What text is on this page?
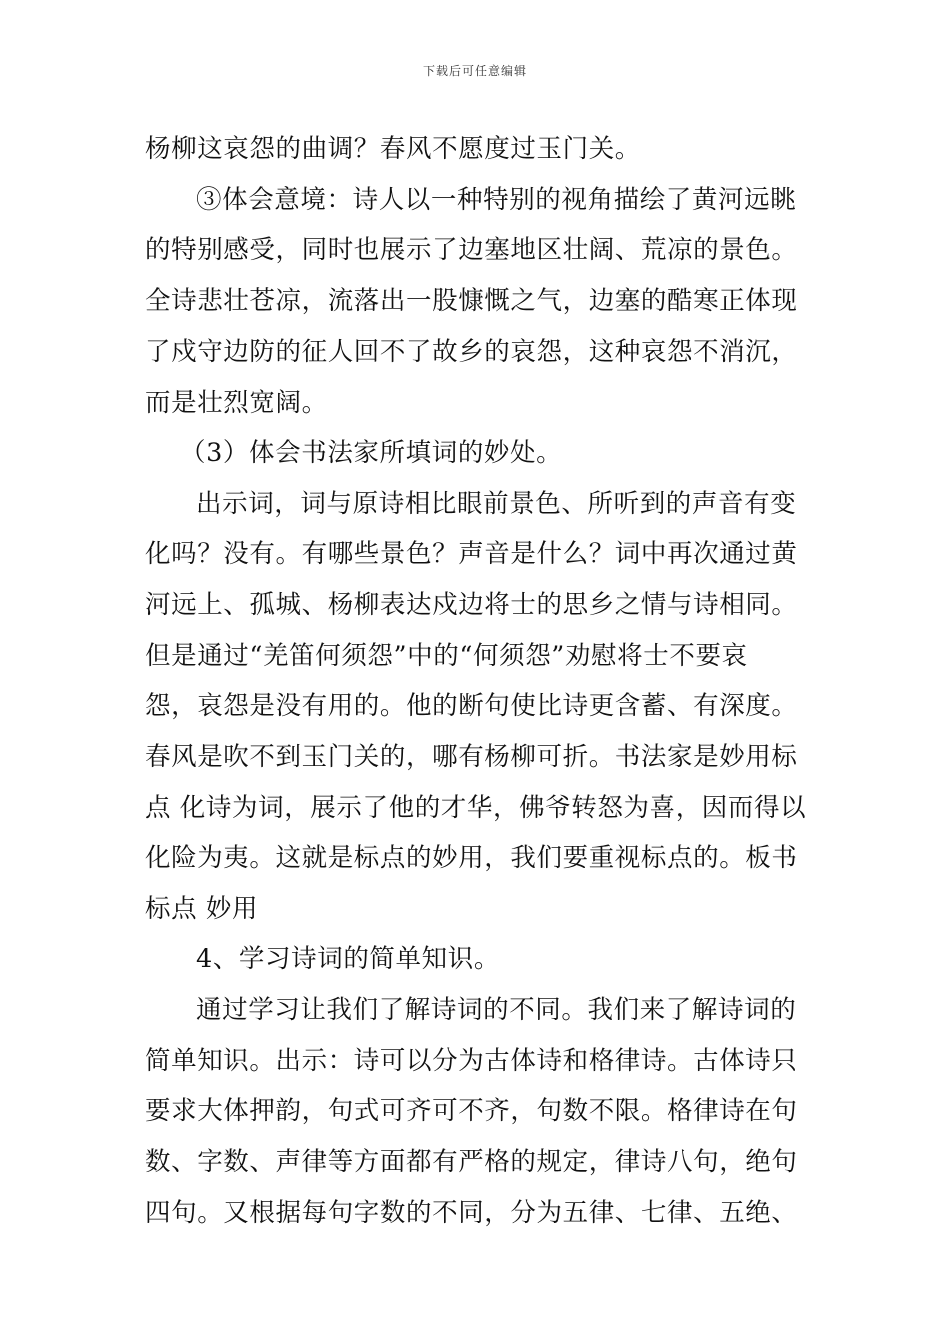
下载后可任意编辑
杨柳这哀怨的曲调？春风不愿度过玉门关。
③体会意境：诗人以一种特别的视角描绘了黄河远眺
的特别感受，同时也展示了边塞地区壮阔、荒凉的景色。
全诗悲壮苍凉，流落出一股慷慨之气，边塞的酷寒正体现
了戍守边防的征人回不了故乡的哀怨，这种哀怨不消沉，
而是壮烈宽阔。
（3）体会书法家所填词的妙处。
出示词，词与原诗相比眼前景色、所听到的声音有变
化吗？没有。有哪些景色？声音是什么？词中再次通过黄
河远上、孤城、杨柳表达戍边将士的思乡之情与诗相同。
但是通过“羌笛何须怨”中的“何须怨”劝慰将士不要哀
怨，哀怨是没有用的。他的断句使比诗更含蓄、有深度。
春风是吹不到玉门关的，哪有杨柳可折。书法家是妙用标
点 化诗为词，展示了他的才华，佛爷转怒为喜，因而得以
化险为夷。这就是标点的妙用，我们要重视标点的。板书
标点 妙用
4、学习诗词的简单知识。
通过学习让我们了解诗词的不同。我们来了解诗词的
简单知识。出示：诗可以分为古体诗和格律诗。古体诗只
要求大体押韵，句式可齐可不齐，句数不限。格律诗在句
数、字数、声律等方面都有严格的规定，律诗八句，绝句
四句。又根据每句字数的不同，分为五律、七律、五绝、
